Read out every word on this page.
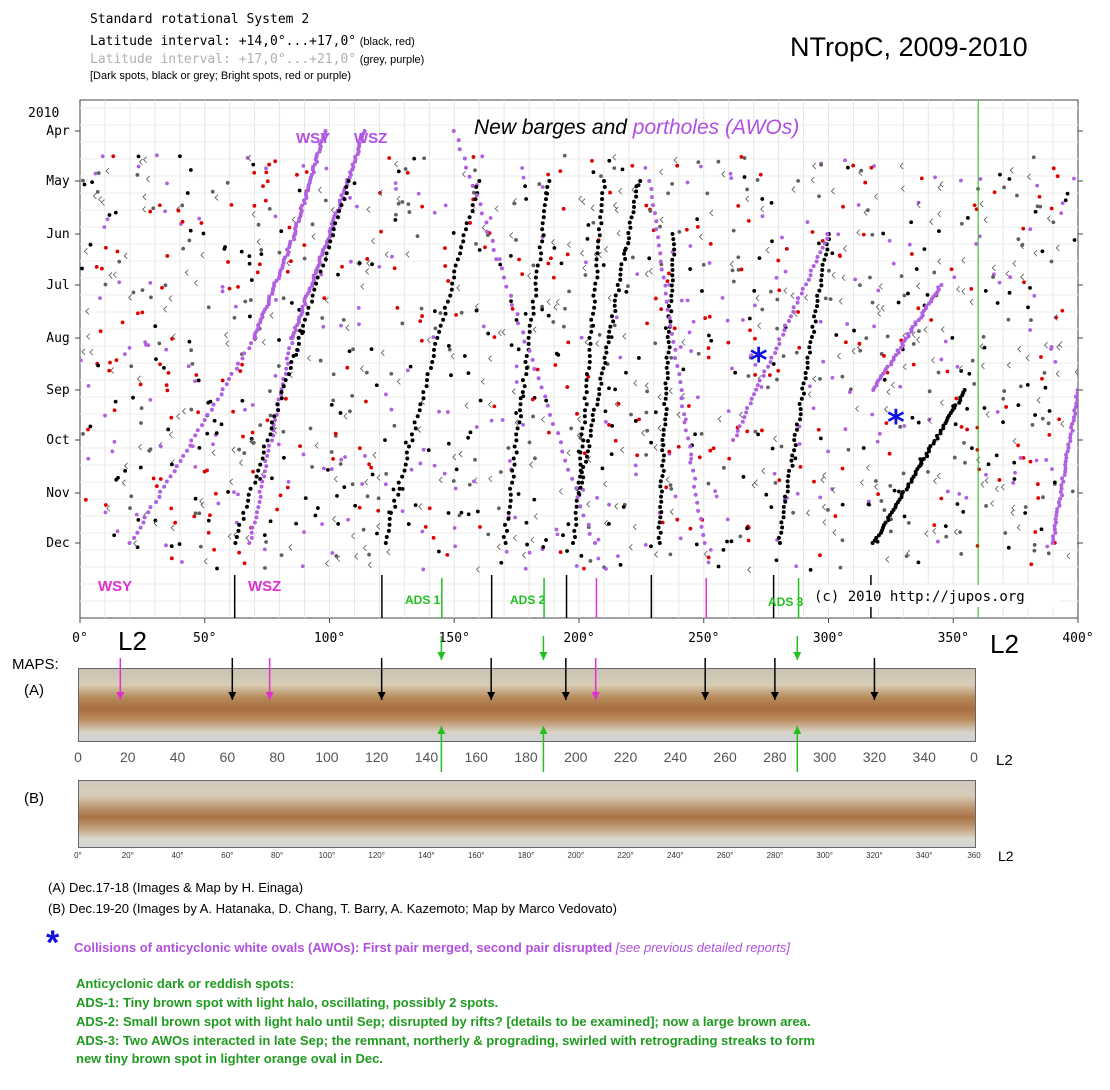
Standard rotational System 2
Latitude interval: +14,0°...+17,0° (black, red)
Latitude interval: +17,0°...+21,0° (grey, purple)
[Dark spots, black or grey; Bright spots, red or purple)
NTropC, 2009-2010
0°	50°	100°	150°	200°	250°	300°	350°	400°
Apr
May
Jun
Jul
Aug
Sep
Oct
Nov
Dec
*
*
2010
New barges and portholes (AWOs)
WSY WSZ
WSY	WSZ
ADS 1	ADS 2	ADS 3 (c) 2010 http://jupos.org
L2	L2
MAPS:
(A)
0	20 40 60 80 100 120 140 160 180 200 220 240 260 280 300 320 340 0 L2
(B)
0°	20°	40°	60°	80°	100°	120°	140°	160°	180°	200°	220°	240°	260°	280°	300°	320°	340°	360 L2
(A) Dec.17-18 (Images & Map by H. Einaga)
(B) Dec.19-20 (Images by A. Hatanaka, D. Chang, T. Barry, A. Kazemoto; Map by Marco Vedovato)
* Collisions of anticyclonic white ovals (AWOs): First pair merged, second pair disrupted [see previous detailed reports]
Anticyclonic dark or reddish spots:
ADS-1: Tiny brown spot with light halo, oscillating, possibly 2 spots.
ADS-2: Small brown spot with light halo until Sep; disrupted by rifts? [details to be examined]; now a large brown area.
ADS-3: Two AWOs interacted in late Sep; the remnant, northerly & prograding, swirled with retrograding streaks to form
new tiny brown spot in lighter orange oval in Dec.
